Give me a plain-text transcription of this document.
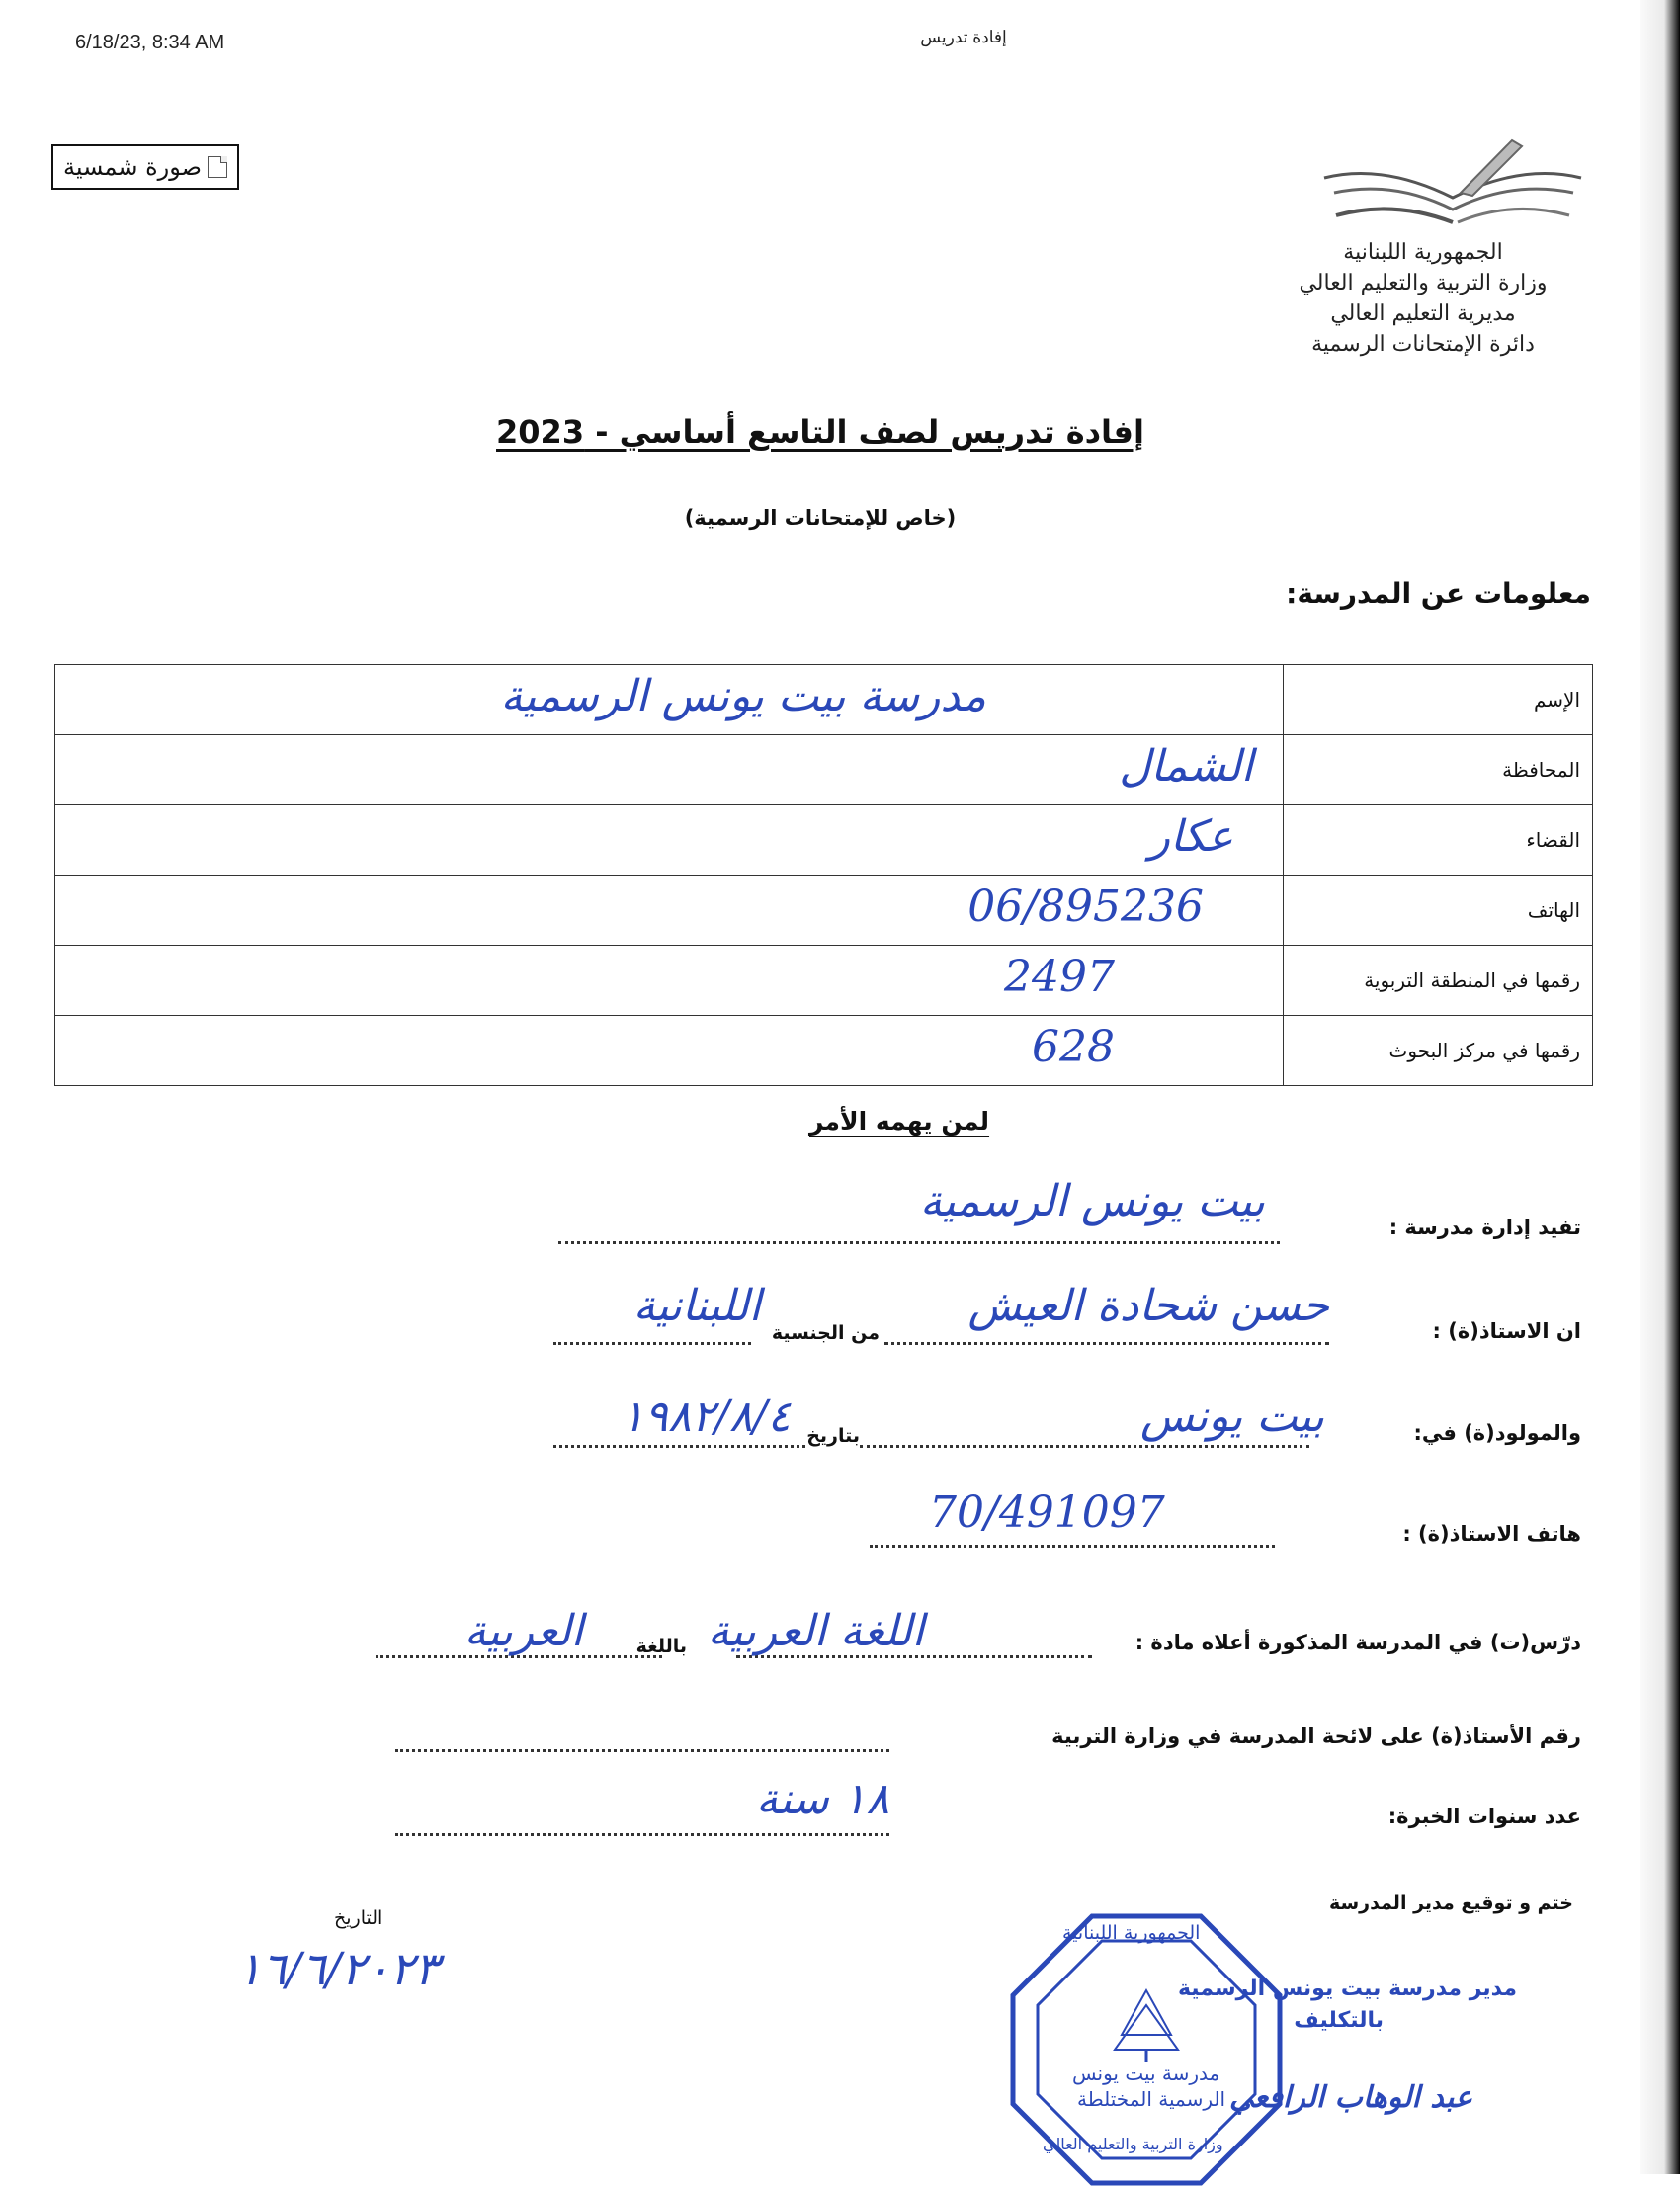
6/18/23, 8:34 AM	إفادة تدريس
صورة شمسية
الجمهورية اللبنانية
وزارة التربية والتعليم العالي
مديرية التعليم العالي
دائرة الإمتحانات الرسمية
إفادة تدريس لصف التاسع أساسي - 2023
(خاص للإمتحانات الرسمية)
معلومات عن المدرسة:
مدرسة بيت يونس الرسمية	الإسم

الشمال	المحافظة

عكار	القضاء

06/895236	الهاتف

2497	رقمها في المنطقة التربوية

628	رقمها في مركز البحوث
لمن يهمه الأمر
تفيد إدارة مدرسة :
بيت يونس الرسمية
ان الاستاذ(ة) :
حسن شحادة العيش
من الجنسية
اللبنانية
والمولود(ة) في:
بيت يونس
بتاريخ
١٩٨٢/٨/٤
هاتف الاستاذ(ة) :
70/491097
درّس(ت) في المدرسة المذكورة أعلاه مادة :
اللغة العربية
باللغة
العربية
رقم الأستاذ(ة) على لائحة المدرسة في وزارة التربية
عدد سنوات الخبرة:
١٨ سنة
ختم و توقيع مدير المدرسة
التاريخ
١٦/٦/٢٠٢٣
الجمهورية اللبنانية
مدرسة بيت يونس
الرسمية المختلطة
وزارة التربية والتعليم العالي
مدير مدرسة بيت يونس الرسمية
بالتكليف
عبد الوهاب الرافعي
